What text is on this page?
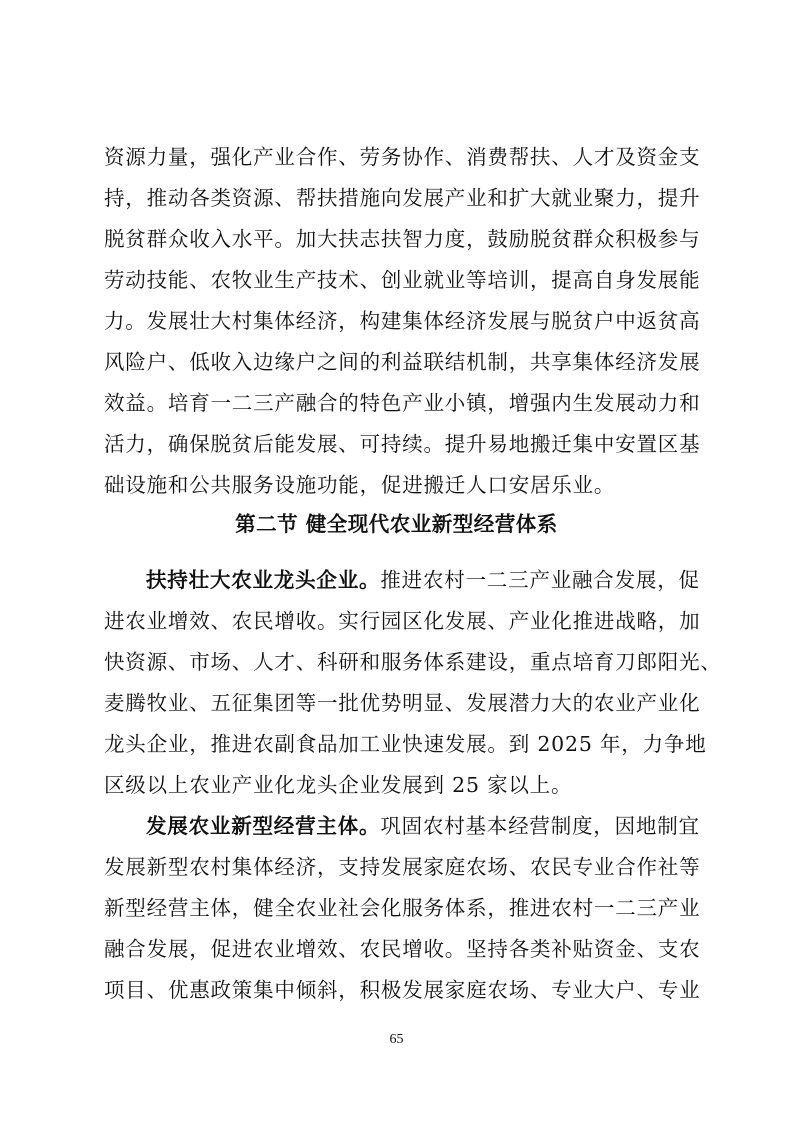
资源力量，强化产业合作、劳务协作、消费帮扶、人才及资金支
持，推动各类资源、帮扶措施向发展产业和扩大就业聚力，提升
脱贫群众收入水平。加大扶志扶智力度，鼓励脱贫群众积极参与
劳动技能、农牧业生产技术、创业就业等培训，提高自身发展能
力。发展壮大村集体经济，构建集体经济发展与脱贫户中返贫高
风险户、低收入边缘户之间的利益联结机制，共享集体经济发展
效益。培育一二三产融合的特色产业小镇，增强内生发展动力和
活力，确保脱贫后能发展、可持续。提升易地搬迁集中安置区基
础设施和公共服务设施功能，促进搬迁人口安居乐业。
第二节 健全现代农业新型经营体系
扶持壮大农业龙头企业。推进农村一二三产业融合发展，促
进农业增效、农民增收。实行园区化发展、产业化推进战略，加
快资源、市场、人才、科研和服务体系建设，重点培育刀郎阳光、
麦腾牧业、五征集团等一批优势明显、发展潜力大的农业产业化
龙头企业，推进农副食品加工业快速发展。到 2025 年，力争地
区级以上农业产业化龙头企业发展到 25 家以上。
发展农业新型经营主体。巩固农村基本经营制度，因地制宜
发展新型农村集体经济，支持发展家庭农场、农民专业合作社等
新型经营主体，健全农业社会化服务体系，推进农村一二三产业
融合发展，促进农业增效、农民增收。坚持各类补贴资金、支农
项目、优惠政策集中倾斜，积极发展家庭农场、专业大户、专业
65
